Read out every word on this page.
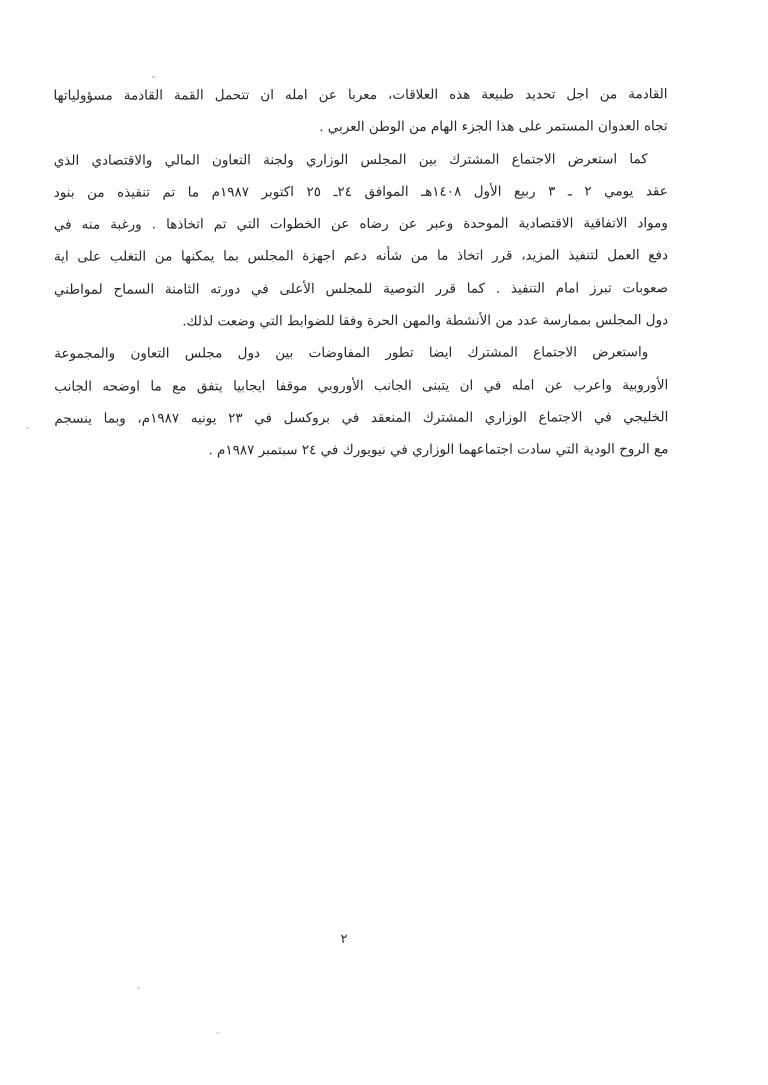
القادمة من اجل تحديد طبيعة هذه العلاقات، معربا عن امله ان تتحمل القمة القادمة مسؤولياتها
تجاه العدوان المستمر على هذا الجزء الهام من الوطن العربي .
كما استعرض الاجتماع المشترك بين المجلس الوزاري ولجنة التعاون المالي والاقتصادي الذي
عقد يومي ٢ ـ ٣ ربيع الأول ١٤٠٨هـ الموافق ٢٤ـ ٢٥ اكتوبر ١٩٨٧م ما تم تنفيذه من بنود
ومواد الاتفاقية الاقتصادية الموحدة وعبر عن رضاه عن الخطوات التي تم اتخاذها . ورغبة منه في
دفع العمل لتنفيذ المزيد، قرر اتخاذ ما من شأنه دعم اجهزة المجلس بما يمكنها من التغلب على اية
صعوبات تبرز امام التنفيذ . كما قرر التوصية للمجلس الأعلى في دورته الثامنة السماح لمواطني
دول المجلس بممارسة عدد من الأنشطة والمهن الحرة وفقا للضوابط التي وضعت لذلك.
واستعرض الاجتماع المشترك ايضا تطور المفاوضات بين دول مجلس التعاون والمجموعة
الأوروبية واعرب عن امله في ان يتبنى الجانب الأوروبي موقفا ايجابيا يتفق مع ما اوضحه الجانب
الخليجي في الاجتماع الوزاري المشترك المنعقد في بروكسل في ٢٣ يونيه ١٩٨٧م، وبما ينسجم
مع الروح الودية التي سادت اجتماعهما الوزاري في نيويورك في ٢٤ سبتمبر ١٩٨٧م .
٢
